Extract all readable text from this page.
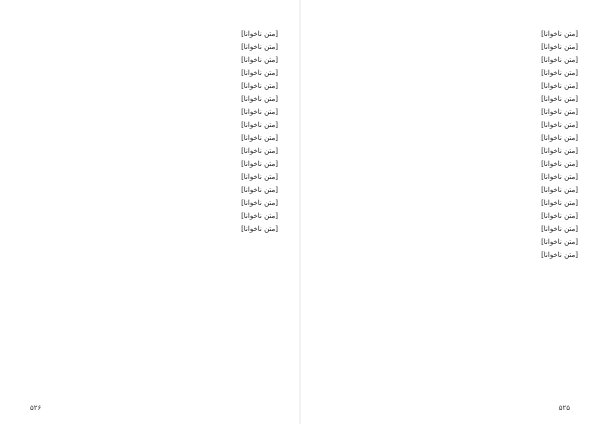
[متن ناخوانا]
[متن ناخوانا]
[متن ناخوانا]
[متن ناخوانا]
[متن ناخوانا]
[متن ناخوانا]
[متن ناخوانا]
[متن ناخوانا]
[متن ناخوانا]
[متن ناخوانا]
[متن ناخوانا]
[متن ناخوانا]
[متن ناخوانا]
[متن ناخوانا]
[متن ناخوانا]
[متن ناخوانا]
۵۲۶
[متن ناخوانا]
[متن ناخوانا]
[متن ناخوانا]
[متن ناخوانا]
[متن ناخوانا]
[متن ناخوانا]
[متن ناخوانا]
[متن ناخوانا]
[متن ناخوانا]
[متن ناخوانا]
[متن ناخوانا]
[متن ناخوانا]
[متن ناخوانا]
[متن ناخوانا]
[متن ناخوانا]
[متن ناخوانا]
[متن ناخوانا]
[متن ناخوانا]
۵۲۵
